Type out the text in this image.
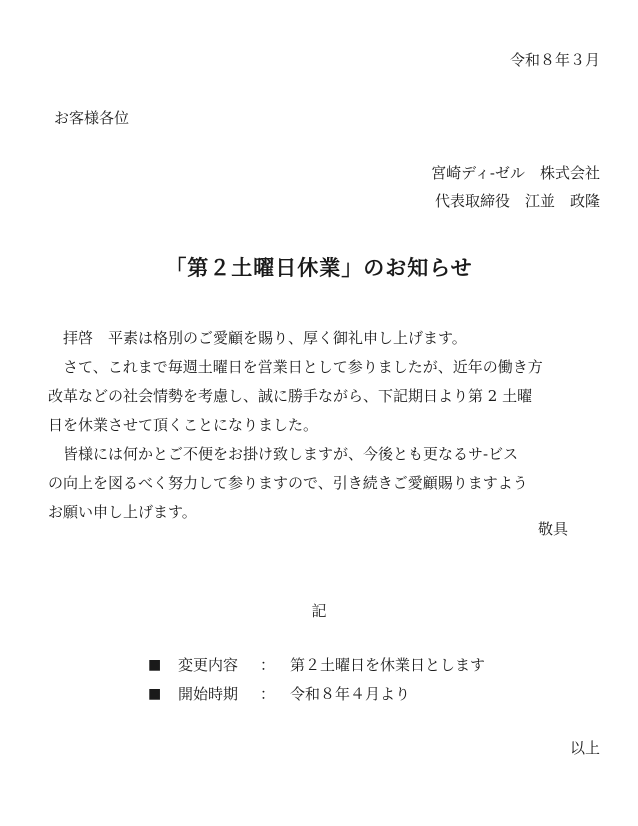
令和８年３月
お客様各位
宮崎ディ‐ゼル　株式会社
代表取締役　江並　政隆
「第２土曜日休業」のお知らせ
　拝啓　平素は格別のご愛顧を賜り、厚く御礼申し上げます。
　さて、これまで毎週土曜日を営業日として参りましたが、近年の働き方
改革などの社会情勢を考慮し、誠に勝手ながら、下記期日より第 2 土曜
日を休業させて頂くことになりました。
　皆様には何かとご不便をお掛け致しますが、今後とも更なるサ‐ビス
の向上を図るべく努力して参りますので、引き続きご愛顧賜りますよう
お願い申し上げます。
敬具
記
■	変更内容	： 第２土曜日を休業日とします
■	開始時期	： 令和８年４月より
以上
